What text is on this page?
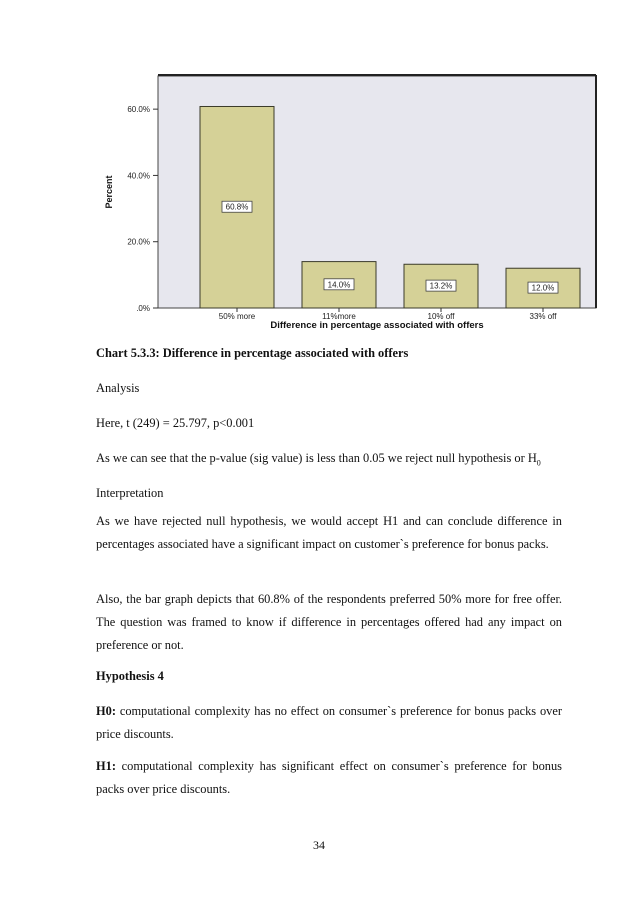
.0%
20.0%
40.0%
60.0%
60.8%
14.0%	13.2%	12.0%
50% more	11%more	10% off	33% off
Percent
Difference in percentage associated with offers

Chart 5.3.3: Difference in percentage associated with offers

Analysis

Here, t (249) = 25.797, p<0.001

As we can see that the p-value (sig value) is less than 0.05 we reject null hypothesis or $H_0$

Interpretation

As we have rejected null hypothesis, we would accept H1 and can conclude difference in percentages associated have a significant impact on customer`s preference for bonus packs.

Also, the bar graph depicts that 60.8% of the respondents preferred 50% more for free offer. The question was framed to know if difference in percentages offered had any impact on preference or not.

Hypothesis 4

H0: computational complexity has no effect on consumer`s preference for bonus packs over price discounts.

H1: computational complexity has significant effect on consumer`s preference for bonus packs over price discounts.

34
